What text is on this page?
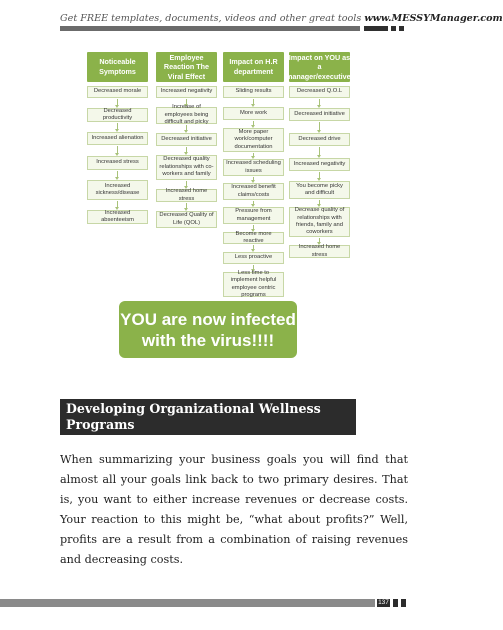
Get FREE templates, documents, videos and other great tools www.MESSYManager.com
Noticeable Symptoms
Decreased morale
Decreased productivity
Increased alienation
Increased stress
Increased sickness/disease
Increased absenteeism
Employee Reaction The Viral Effect
Increased negativity
Increase of employees being difficult and picky
Decreased initiative
Decreased quality relationships with co-workers and family
Increased home stress
Decreased Quality of Life (QOL)
Impact on H.R department
Sliding results
More work
More paper work/computer documentation
Increased scheduling issues
Increased benefit claims/costs
Pressure from management
Become more reactive
Less proactive
Less time to implement helpful employee centric programs
Impact on YOU as a manager/executive!
Decreased Q.O.L
Decreased initiative
Decreased drive
Increased negativity
You become picky and difficult
Decrease quality of relationships with friends, family and coworkers
Increased home stress
YOU are now infected with the virus!!!!
Developing Organizational Wellness Programs
When summarizing your business goals you will find that almost all your goals link back to two primary desires. That is, you want to either increase revenues or decrease costs. Your reaction to this might be, “what about profits?” Well, profits are a result from a combination of raising revenues and decreasing costs.
137
